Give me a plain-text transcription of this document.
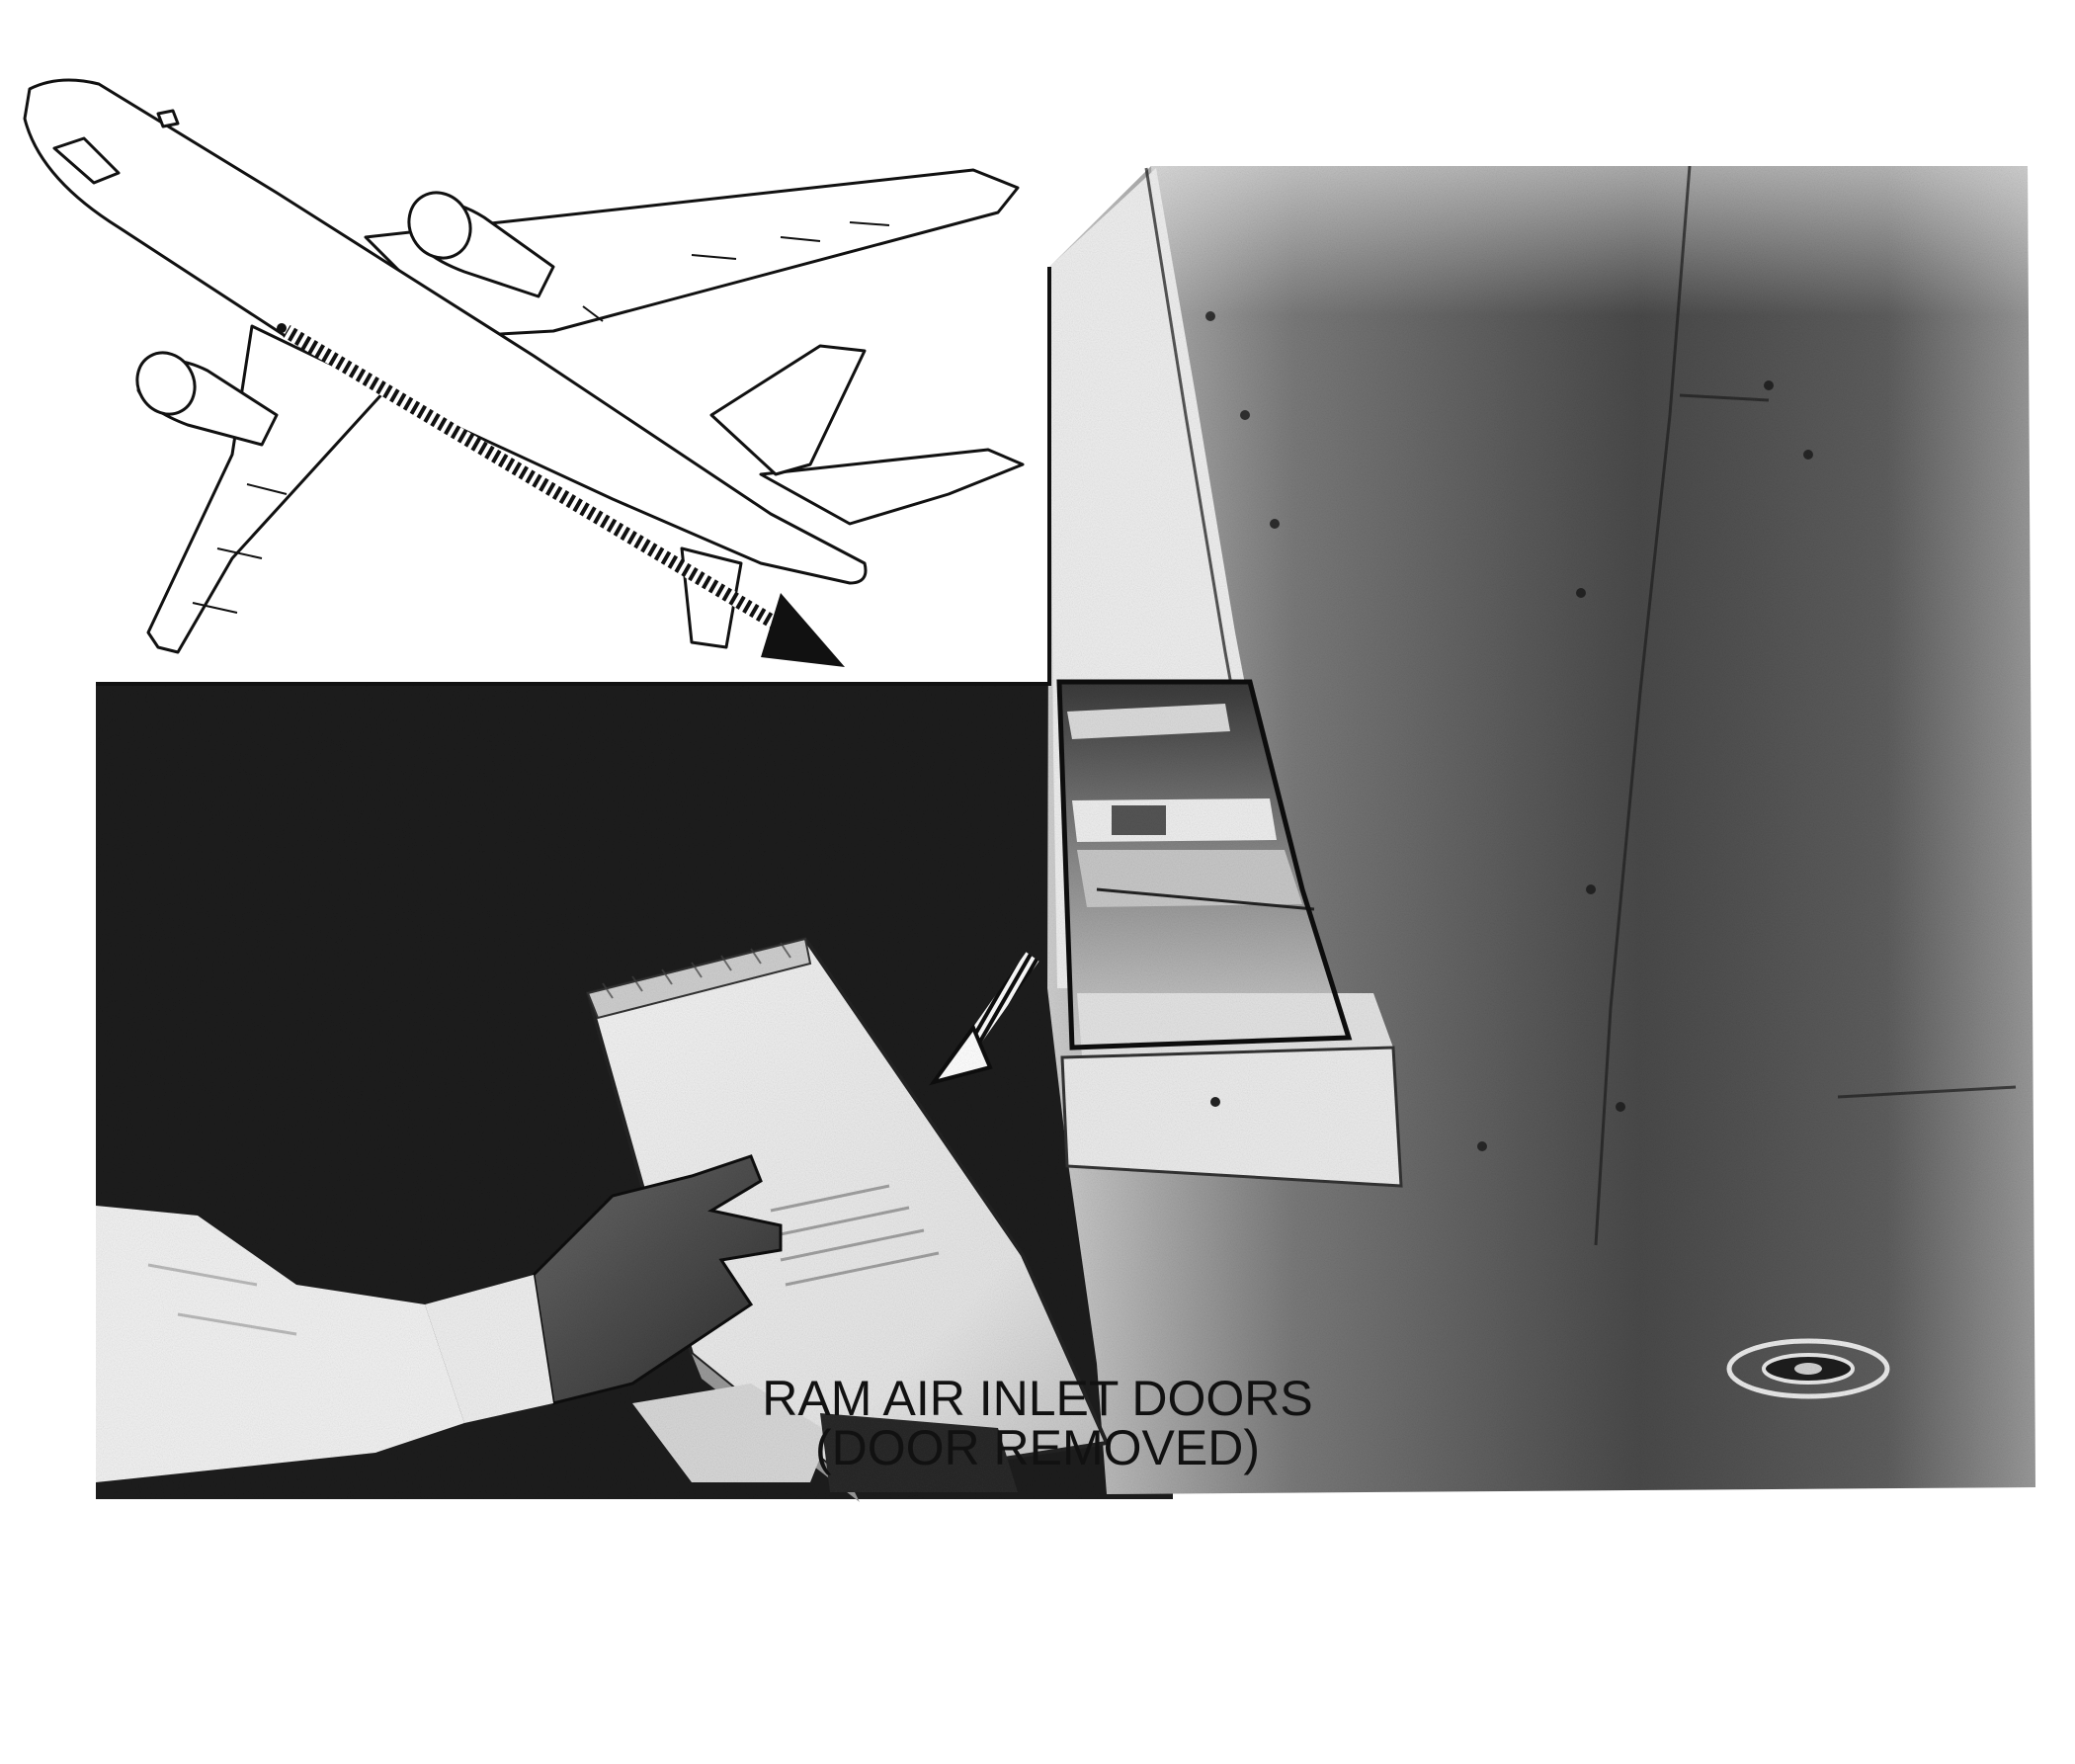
RAM AIR INLET DOORS
(DOOR REMOVED)
